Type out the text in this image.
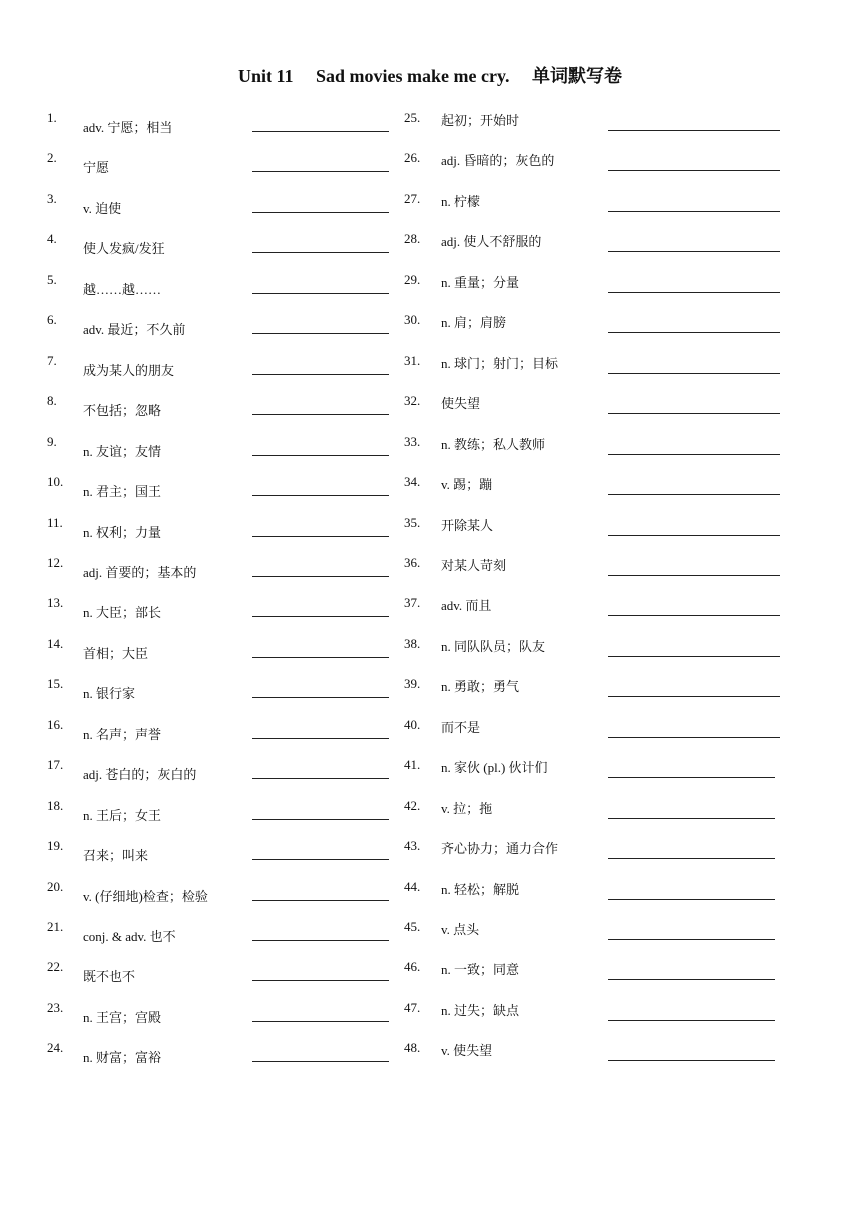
Unit 11     Sad movies make me cry.     单词默写卷
1.
adv. 宁愿；相当
2.
宁愿
3.
v. 迫使
4.
使人发疯/发狂
5.
越……越……
6.
adv. 最近；不久前
7.
成为某人的朋友
8.
不包括；忽略
9.
n. 友谊；友情
10.
n. 君主；国王
11.
n. 权利；力量
12.
adj. 首要的；基本的
13.
n. 大臣；部长
14.
首相；大臣
15.
n. 银行家
16.
n. 名声；声誉
17.
adj. 苍白的；灰白的
18.
n. 王后；女王
19.
召来；叫来
20.
v. (仔细地)检查；检验
21.
conj. & adv. 也不
22.
既不也不
23.
n. 王宫；宫殿
24.
n. 财富；富裕
25. 起初；开始时
26. adj. 昏暗的；灰色的
27. n. 柠檬
28. adj. 使人不舒服的
29. n. 重量；分量
30. n. 肩；肩膀
31. n. 球门；射门；目标
32. 使失望
33. n. 教练；私人教师
34. v. 踢；蹦
35. 开除某人
36. 对某人苛刻
37. adv. 而且
38. n. 同队队员；队友
39. n. 勇敢；勇气
40. 而不是
41. n. 家伙 (pl.) 伙计们
42. v. 拉；拖
43. 齐心协力；通力合作
44. n. 轻松；解脱
45. v. 点头
46. n. 一致；同意
47. n. 过失；缺点
48. v. 使失望
